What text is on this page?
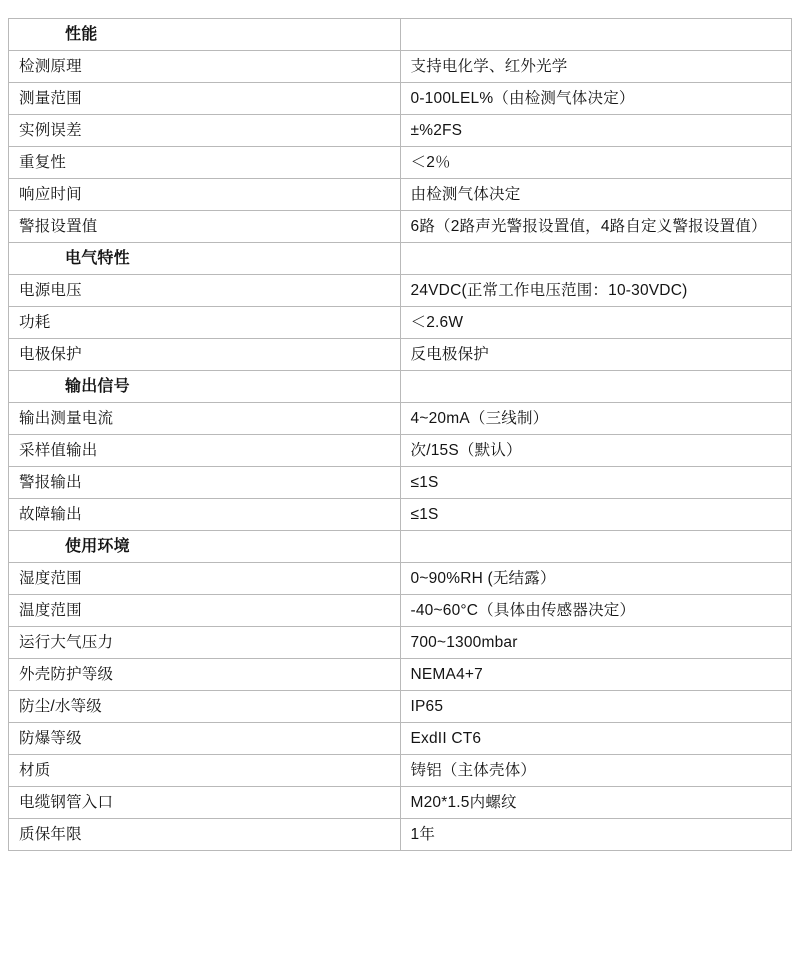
性能	
检测原理	支持电化学、红外光学
测量范围	0-100LEL%（由检测气体决定）
实例误差	±%2FS
重复性	＜2％
响应时间	由检测气体决定
警报设置值	6路（2路声光警报设置值，4路自定义警报设置值）
电气特性	
电源电压	24VDC(正常工作电压范围：10-30VDC)
功耗	＜2.6W
电极保护	反电极保护
输出信号	
输出测量电流	4~20mA（三线制）
采样值输出	次/15S（默认）
警报输出	≤1S
故障输出	≤1S
使用环境	
湿度范围	0~90%RH (无结露）
温度范围	-40~60°C（具体由传感器决定）
运行大气压力	700~1300mbar
外壳防护等级	NEMA4+7
防尘/水等级	IP65
防爆等级	ExdII CT6
材质	铸铝（主体壳体）
电缆钢管入口	M20*1.5内螺纹
质保年限	1年
